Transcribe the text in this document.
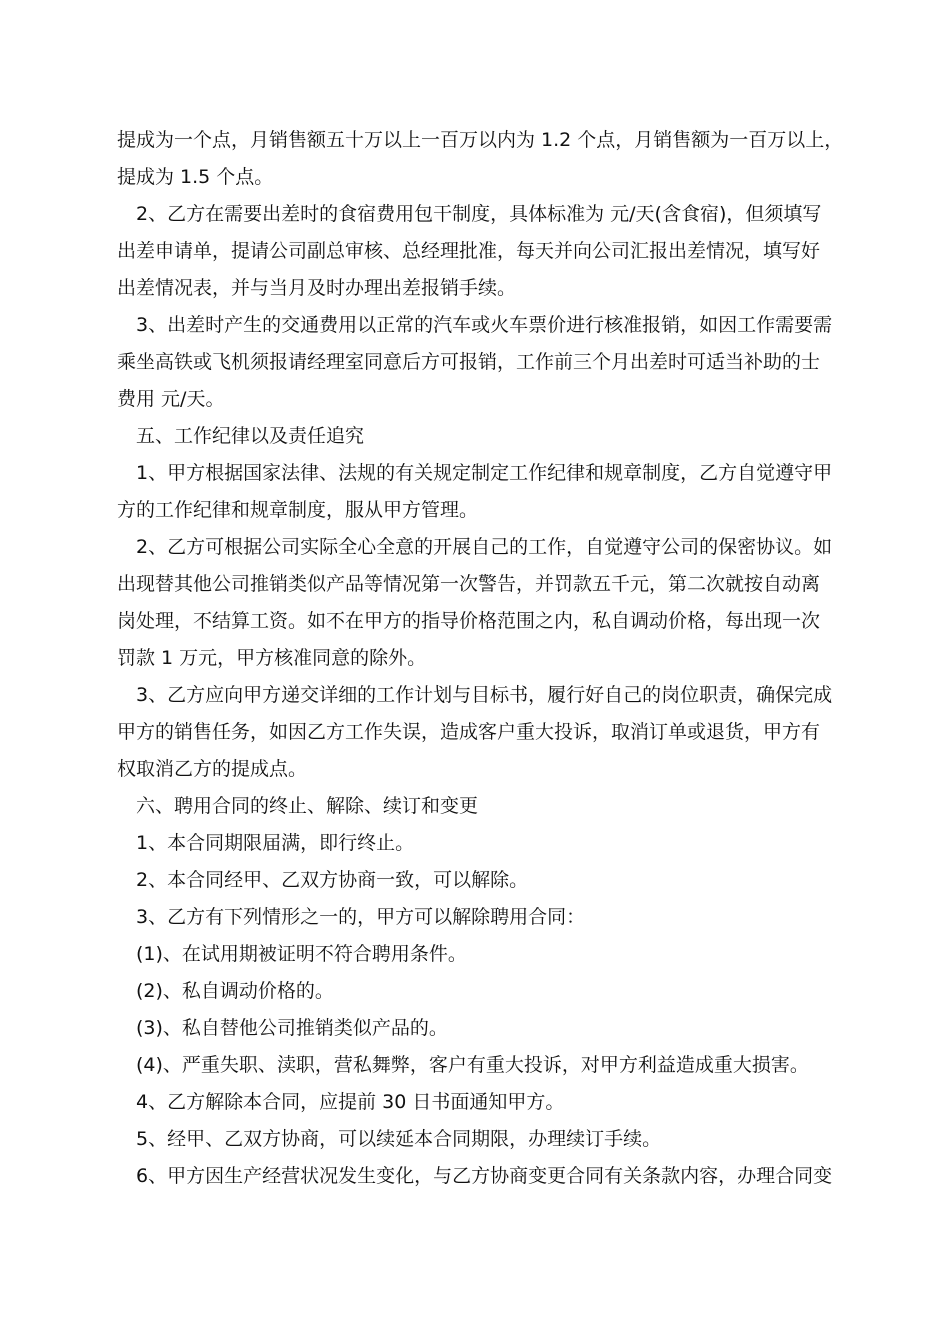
提成为一个点，月销售额五十万以上一百万以内为 1.2 个点，月销售额为一百万以上，
提成为 1.5 个点。
2、乙方在需要出差时的食宿费用包干制度，具体标准为 元/天(含食宿)，但须填写
出差申请单，提请公司副总审核、总经理批准，每天并向公司汇报出差情况，填写好
出差情况表，并与当月及时办理出差报销手续。
3、出差时产生的交通费用以正常的汽车或火车票价进行核准报销，如因工作需要需
乘坐高铁或飞机须报请经理室同意后方可报销，工作前三个月出差时可适当补助的士
费用 元/天。
五、工作纪律以及责任追究
1、甲方根据国家法律、法规的有关规定制定工作纪律和规章制度，乙方自觉遵守甲
方的工作纪律和规章制度，服从甲方管理。
2、乙方可根据公司实际全心全意的开展自己的工作，自觉遵守公司的保密协议。如
出现替其他公司推销类似产品等情况第一次警告，并罚款五千元，第二次就按自动离
岗处理，不结算工资。如不在甲方的指导价格范围之内，私自调动价格，每出现一次
罚款 1 万元，甲方核准同意的除外。
3、乙方应向甲方递交详细的工作计划与目标书，履行好自己的岗位职责，确保完成
甲方的销售任务，如因乙方工作失误，造成客户重大投诉，取消订单或退货，甲方有
权取消乙方的提成点。
六、聘用合同的终止、解除、续订和变更
1、本合同期限届满，即行终止。
2、本合同经甲、乙双方协商一致，可以解除。
3、乙方有下列情形之一的，甲方可以解除聘用合同：
(1)、在试用期被证明不符合聘用条件。
(2)、私自调动价格的。
(3)、私自替他公司推销类似产品的。
(4)、严重失职、渎职，营私舞弊，客户有重大投诉，对甲方利益造成重大损害。
4、乙方解除本合同，应提前 30 日书面通知甲方。
5、经甲、乙双方协商，可以续延本合同期限，办理续订手续。
6、甲方因生产经营状况发生变化，与乙方协商变更合同有关条款内容，办理合同变
